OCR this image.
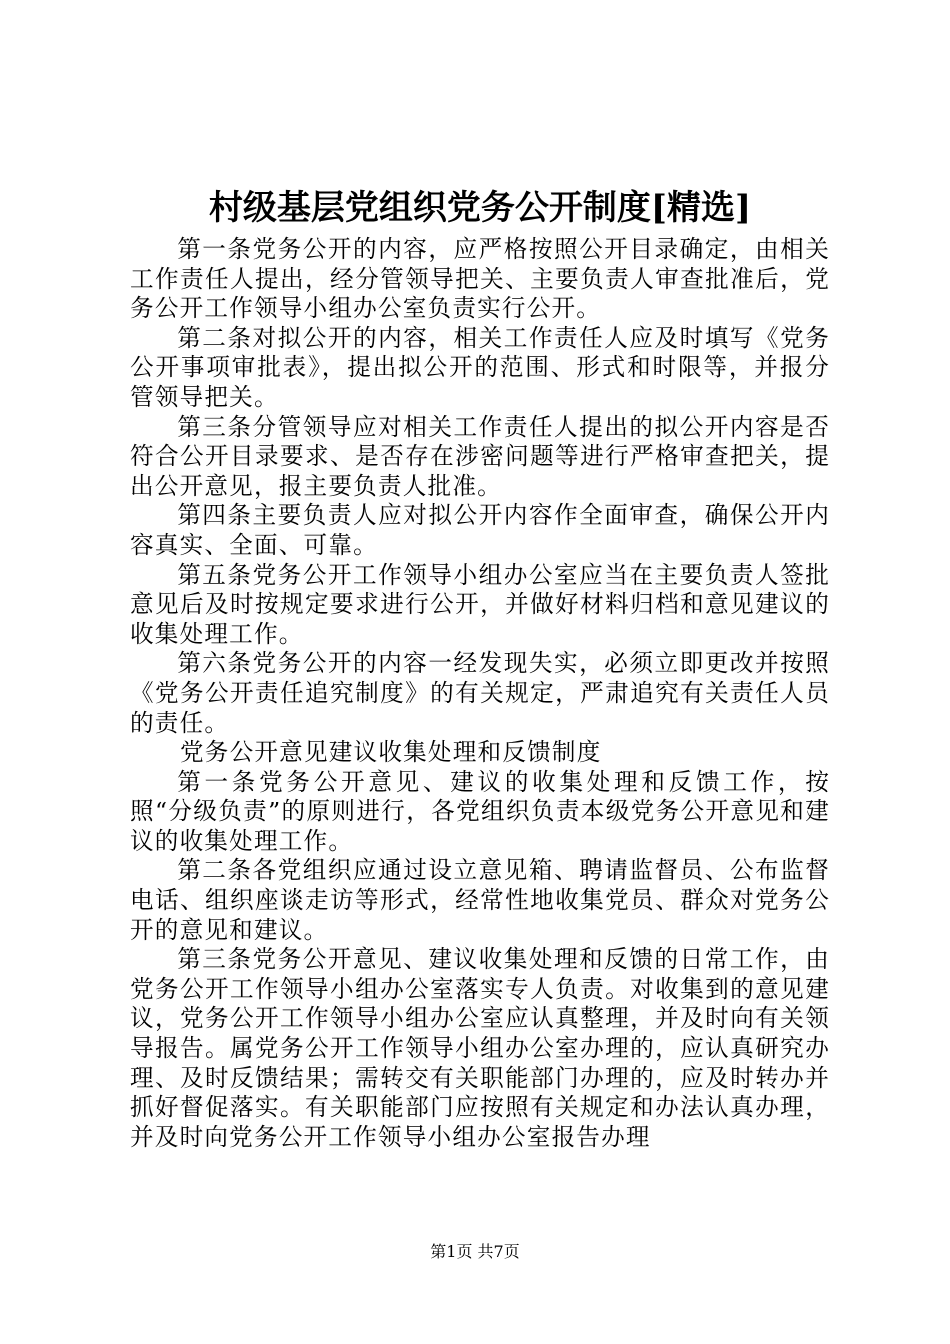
村级基层党组织党务公开制度[精选]

第一条党务公开的内容，应严格按照公开目录确定，由相关工作责任人提出，经分管领导把关、主要负责人审查批准后，党务公开工作领导小组办公室负责实行公开。

第二条对拟公开的内容，相关工作责任人应及时填写《党务公开事项审批表》，提出拟公开的范围、形式和时限等，并报分管领导把关。

第三条分管领导应对相关工作责任人提出的拟公开内容是否符合公开目录要求、是否存在涉密问题等进行严格审查把关，提出公开意见，报主要负责人批准。

第四条主要负责人应对拟公开内容作全面审查，确保公开内容真实、全面、可靠。

第五条党务公开工作领导小组办公室应当在主要负责人签批意见后及时按规定要求进行公开，并做好材料归档和意见建议的收集处理工作。

第六条党务公开的内容一经发现失实，必须立即更改并按照《党务公开责任追究制度》的有关规定，严肃追究有关责任人员的责任。

党务公开意见建议收集处理和反馈制度

第一条党务公开意见、建议的收集处理和反馈工作，按照“分级负责”的原则进行，各党组织负责本级党务公开意见和建议的收集处理工作。

第二条各党组织应通过设立意见箱、聘请监督员、公布监督电话、组织座谈走访等形式，经常性地收集党员、群众对党务公开的意见和建议。

第三条党务公开意见、建议收集处理和反馈的日常工作，由党务公开工作领导小组办公室落实专人负责。对收集到的意见建议，党务公开工作领导小组办公室应认真整理，并及时向有关领导报告。属党务公开工作领导小组办公室办理的，应认真研究办理、及时反馈结果；需转交有关职能部门办理的，应及时转办并抓好督促落实。有关职能部门应按照有关规定和办法认真办理，并及时向党务公开工作领导小组办公室报告办理

第1页 共7页
